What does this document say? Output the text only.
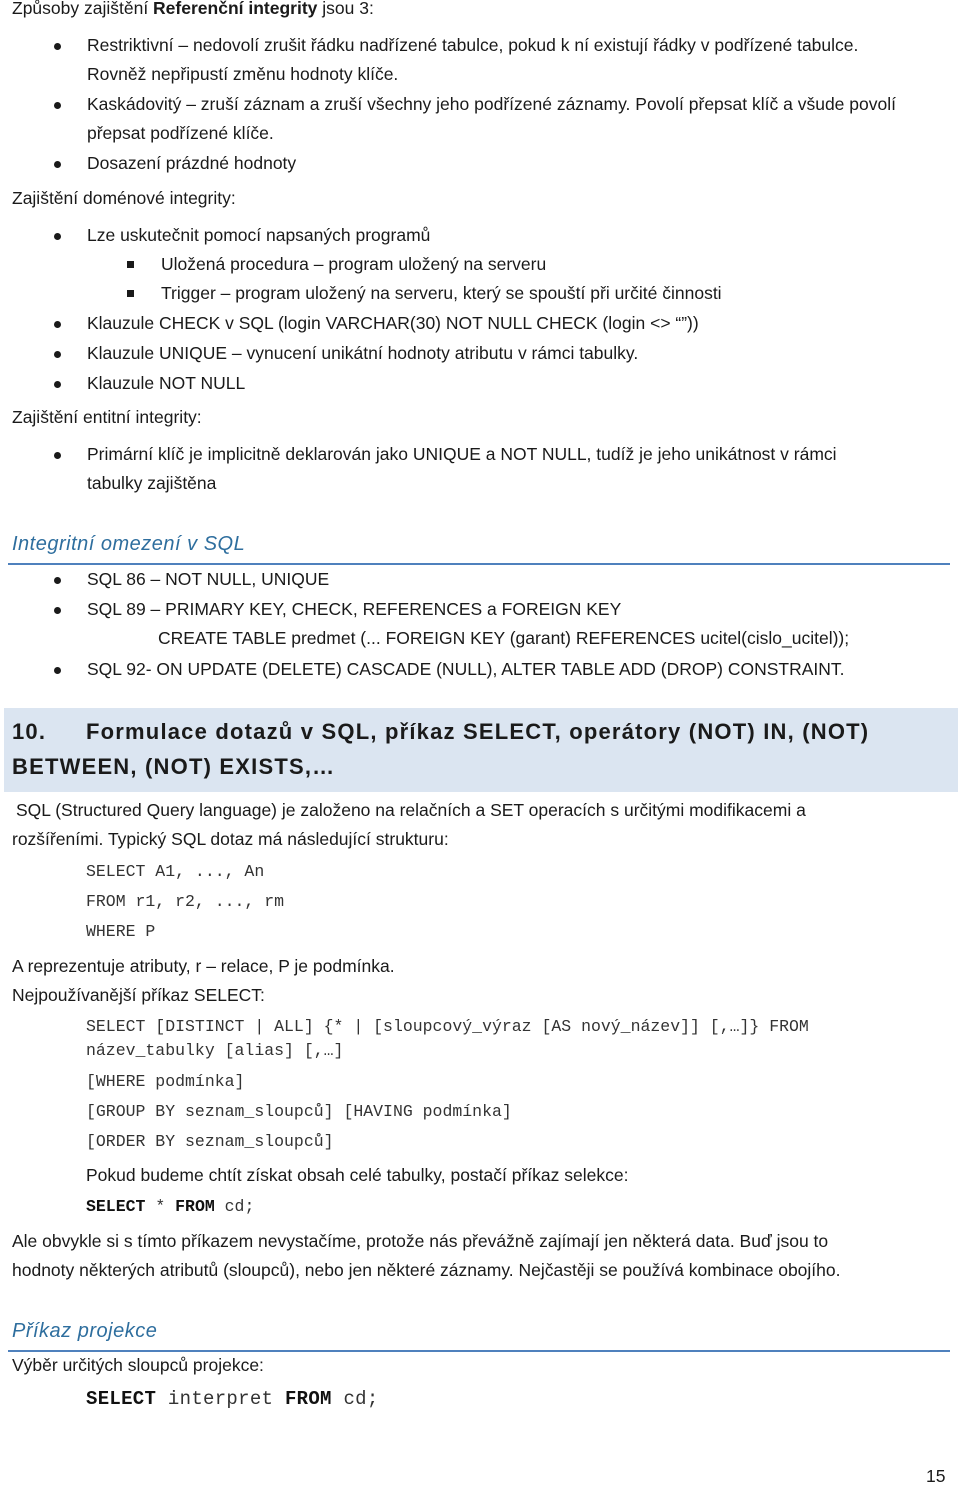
Způsoby zajištění Referenční integrity jsou 3:
Restriktivní – nedovolí zrušit řádku nadřízené tabulce, pokud k ní existují řádky v podřízené tabulce.
Rovněž nepřipustí změnu hodnoty klíče.
Kaskádovitý – zruší záznam a zruší všechny jeho podřízené záznamy. Povolí přepsat klíč a všude povolí
přepsat podřízené klíče.
Dosazení prázdné hodnoty
Zajištění doménové integrity:
Lze uskutečnit pomocí napsaných programů
Uložená procedura – program uložený na serveru
Trigger – program uložený na serveru, který se spouští při určité činnosti
Klauzule CHECK v SQL (login VARCHAR(30) NOT NULL CHECK (login <> “”))
Klauzule UNIQUE – vynucení unikátní hodnoty atributu v rámci tabulky.
Klauzule NOT NULL
Zajištění entitní integrity:
Primární klíč je implicitně deklarován jako UNIQUE a NOT NULL, tudíž je jeho unikátnost v rámci
tabulky zajištěna
Integritní omezení v SQL
SQL 86 – NOT NULL, UNIQUE
SQL 89 – PRIMARY KEY, CHECK, REFERENCES a FOREIGN KEY
CREATE TABLE predmet (... FOREIGN KEY (garant) REFERENCES ucitel(cislo_ucitel));
SQL 92- ON UPDATE (DELETE) CASCADE (NULL), ALTER TABLE ADD (DROP) CONSTRAINT.
10. Formulace dotazů v SQL, příkaz SELECT, operátory (NOT) IN, (NOT)
BETWEEN, (NOT) EXISTS,…
SQL (Structured Query language) je založeno na relačních a SET operacích s určitými modifikacemi a
rozšířeními. Typický SQL dotaz má následující strukturu:
SELECT A1, ..., An
FROM r1, r2, ..., rm
WHERE P
A reprezentuje atributy, r – relace, P je podmínka.
Nejpoužívanější příkaz SELECT:
SELECT [DISTINCT | ALL] {* | [sloupcový_výraz [AS nový_název]] [,…]} FROM
název_tabulky [alias] [,…]
[WHERE podmínka]
[GROUP BY seznam_sloupců] [HAVING podmínka]
[ORDER BY seznam_sloupců]
Pokud budeme chtít získat obsah celé tabulky, postačí příkaz selekce:
SELECT * FROM cd;
Ale obvykle si s tímto příkazem nevystačíme, protože nás převážně zajímají jen některá data. Buď jsou to
hodnoty některých atributů (sloupců), nebo jen některé záznamy. Nejčastěji se používá kombinace obojího.
Příkaz projekce
Výběr určitých sloupců projekce:
SELECT interpret FROM cd;
15
